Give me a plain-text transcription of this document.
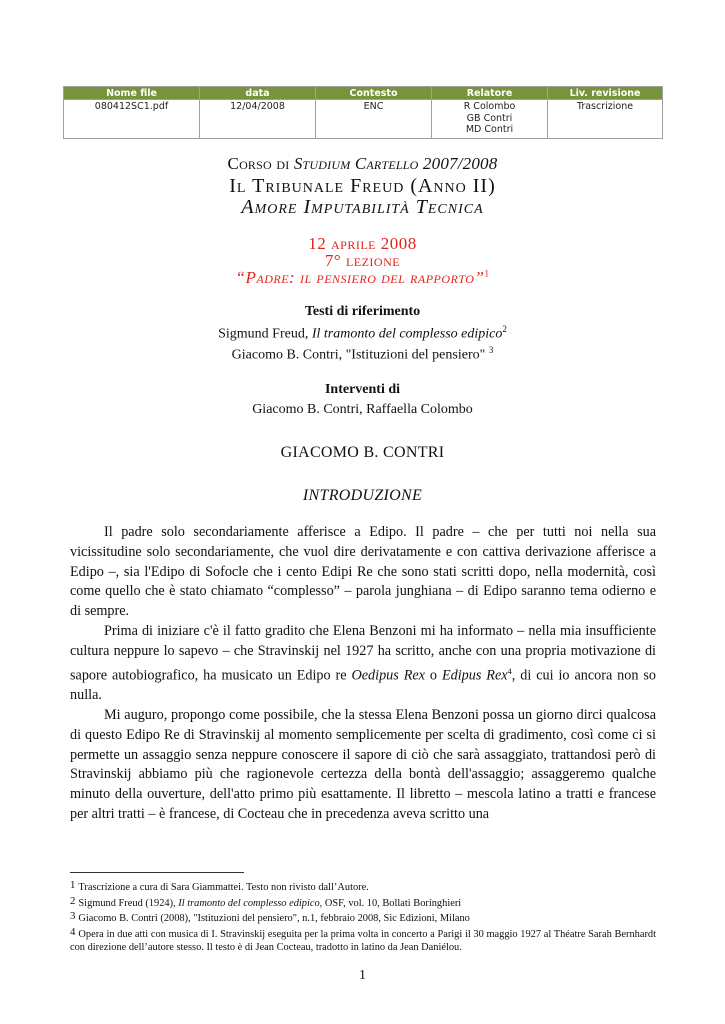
Nome file	data	Contesto	Relatore	Liv. revisione
080412SC1.pdf	12/04/2008	ENC	R Colombo
GB Contri
MD Contri	Trascrizione
Corso di Studium Cartello 2007/2008
Il Tribunale Freud (Anno II)
Amore Imputabilità Tecnica
12 aprile 2008
7° lezione
“Padre: il pensiero del rapporto”$^1$
Testi di riferimento
Sigmund Freud, Il tramonto del complesso edipico$^2$
Giacomo B. Contri, "Istituzioni del pensiero" $^3$
Interventi di
Giacomo B. Contri, Raffaella Colombo
GIACOMO B. CONTRI
INTRODUZIONE

Il padre solo secondariamente afferisce a Edipo. Il padre – che per tutti noi nella sua vicissitudine solo secondariamente, che vuol dire derivatamente e con cattiva derivazione afferisce a Edipo –, sia l'Edipo di Sofocle che i cento Edipi Re che sono stati scritti dopo, nella modernità, così come quello che è stato chiamato “complesso” – parola junghiana – di Edipo saranno tema odierno e di sempre.

Prima di iniziare c'è il fatto gradito che Elena Benzoni mi ha informato – nella mia insufficiente cultura neppure lo sapevo – che Stravinskij nel 1927 ha scritto, anche con una propria motivazione di sapore autobiografico, ha musicato un Edipo re Oedipus Rex o Edipus Rex$^4$, di cui io ancora non so nulla.

Mi auguro, propongo come possibile, che la stessa Elena Benzoni possa un giorno dirci qualcosa di questo Edipo Re di Stravinskij al momento semplicemente per scelta di gradimento, così come ci si permette un assaggio senza neppure conoscere il sapore di ciò che sarà assaggiato, trattandosi però di Stravinskij abbiamo più che ragionevole certezza della bontà dell'assaggio; assaggeremo qualche minuto della ouverture, dell'atto primo più esattamente. Il libretto – mescola latino a tratti e francese per altri tratti – è francese, di Cocteau che in precedenza aveva scritto una

1 Trascrizione a cura di Sara Giammattei. Testo non rivisto dall’Autore.

2 Sigmund Freud (1924), Il tramonto del complesso edipico, OSF, vol. 10, Bollati Boringhieri

3 Giacomo B. Contri (2008), "Istituzioni del pensiero", n.1, febbraio 2008, Sic Edizioni, Milano

4 Opera in due atti con musica di I. Stravinskij eseguita per la prima volta in concerto a Parigi il 30 maggio 1927 al Théatre Sarah Bernhardt con direzione dell’autore stesso. Il testo è di Jean Cocteau, tradotto in latino da Jean Daniélou.

1
